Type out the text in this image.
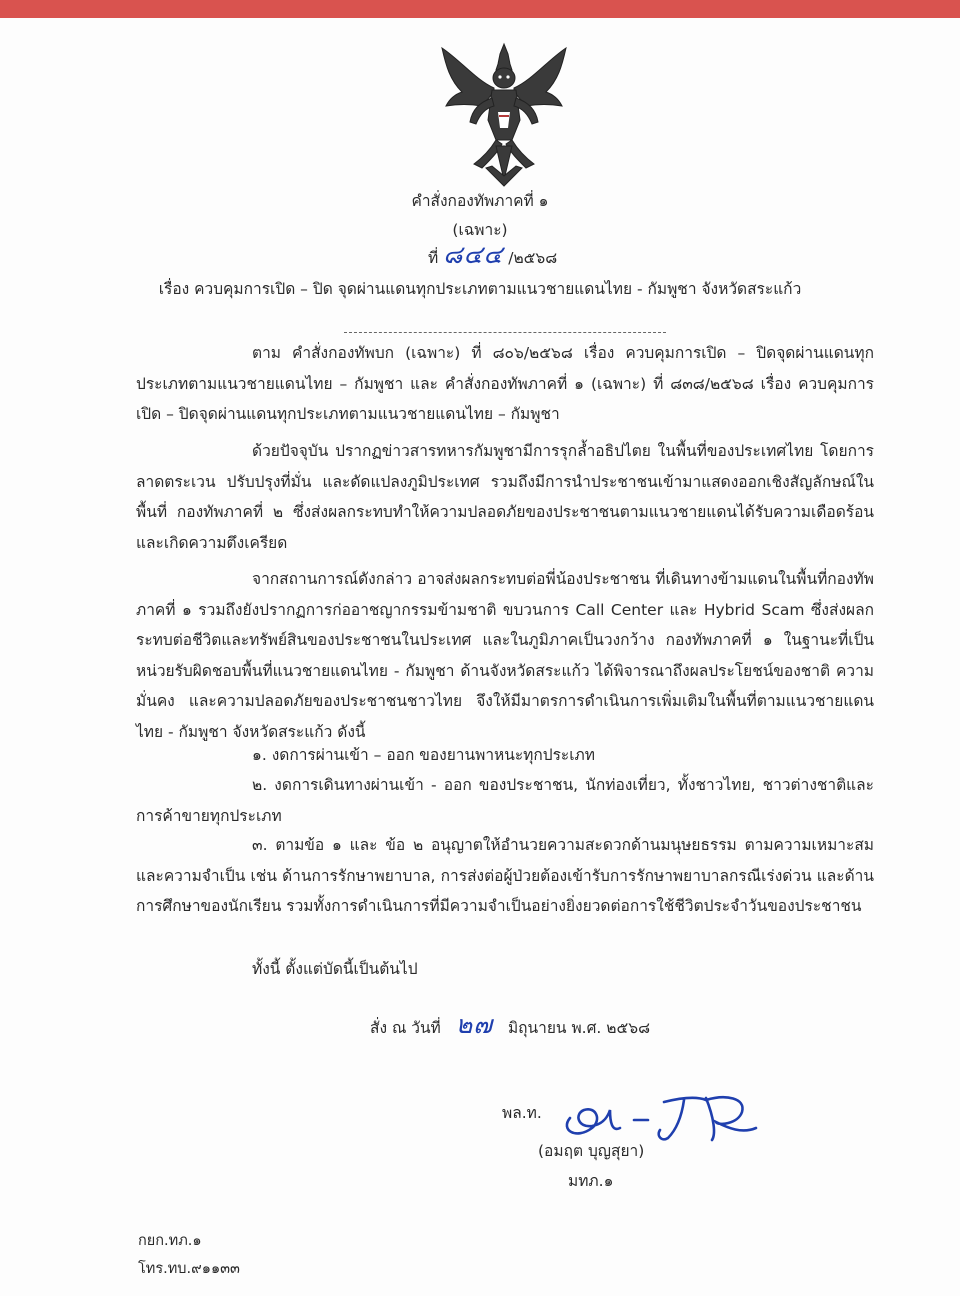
คำสั่งกองทัพภาคที่ ๑
(เฉพาะ)
ที่ ๘๔๔ /๒๕๖๘
เรื่อง ควบคุมการเปิด – ปิด จุดผ่านแดนทุกประเภทตามแนวชายแดนไทย - กัมพูชา จังหวัดสระแก้ว

ตาม คำสั่งกองทัพบก (เฉพาะ) ที่ ๘๐๖/๒๕๖๘ เรื่อง ควบคุมการเปิด – ปิดจุดผ่านแดนทุกประเภทตามแนวชายแดนไทย – กัมพูชา และ คำสั่งกองทัพภาคที่ ๑ (เฉพาะ) ที่ ๘๓๘/๒๕๖๘ เรื่อง ควบคุมการเปิด – ปิดจุดผ่านแดนทุกประเภทตามแนวชายแดนไทย – กัมพูชา

ด้วยปัจจุบัน ปรากฏข่าวสารทหารกัมพูชามีการรุกล้ำอธิปไตย ในพื้นที่ของประเทศไทย โดยการลาดตระเวน ปรับปรุงที่มั่น และดัดแปลงภูมิประเทศ รวมถึงมีการนำประชาชนเข้ามาแสดงออกเชิงสัญลักษณ์ในพื้นที่ กองทัพภาคที่ ๒ ซึ่งส่งผลกระทบทำให้ความปลอดภัยของประชาชนตามแนวชายแดนได้รับความเดือดร้อน และเกิดความตึงเครียด

จากสถานการณ์ดังกล่าว อาจส่งผลกระทบต่อพี่น้องประชาชน ที่เดินทางข้ามแดนในพื้นที่กองทัพภาคที่ ๑ รวมถึงยังปรากฏการก่ออาชญากรรมข้ามชาติ ขบวนการ Call Center และ Hybrid Scam ซึ่งส่งผลกระทบต่อชีวิตและทรัพย์สินของประชาชนในประเทศ และในภูมิภาคเป็นวงกว้าง กองทัพภาคที่ ๑ ในฐานะที่เป็นหน่วยรับผิดชอบพื้นที่แนวชายแดนไทย - กัมพูชา ด้านจังหวัดสระแก้ว ได้พิจารณาถึงผลประโยชน์ของชาติ ความมั่นคง และความปลอดภัยของประชาชนชาวไทย จึงให้มีมาตรการดำเนินการเพิ่มเติมในพื้นที่ตามแนวชายแดนไทย - กัมพูชา จังหวัดสระแก้ว ดังนี้

๑. งดการผ่านเข้า – ออก ของยานพาหนะทุกประเภท

๒. งดการเดินทางผ่านเข้า - ออก ของประชาชน, นักท่องเที่ยว, ทั้งชาวไทย, ชาวต่างชาติและการค้าขายทุกประเภท

๓. ตามข้อ ๑ และ ข้อ ๒ อนุญาตให้อำนวยความสะดวกด้านมนุษยธรรม ตามความเหมาะสม และความจำเป็น เช่น ด้านการรักษาพยาบาล, การส่งต่อผู้ป่วยต้องเข้ารับการรักษาพยาบาลกรณีเร่งด่วน และด้านการศึกษาของนักเรียน รวมทั้งการดำเนินการที่มีความจำเป็นอย่างยิ่งยวดต่อการใช้ชีวิตประจำวันของประชาชน

ทั้งนี้ ตั้งแต่บัดนี้เป็นต้นไป

สั่ง ณ วันที่ ๒๗ มิถุนายน พ.ศ. ๒๕๖๘
พล.ท.
(อมฤต บุญสุยา)
มทภ.๑
กยก.ทภ.๑
โทร.ทบ.๙๑๑๓๓
